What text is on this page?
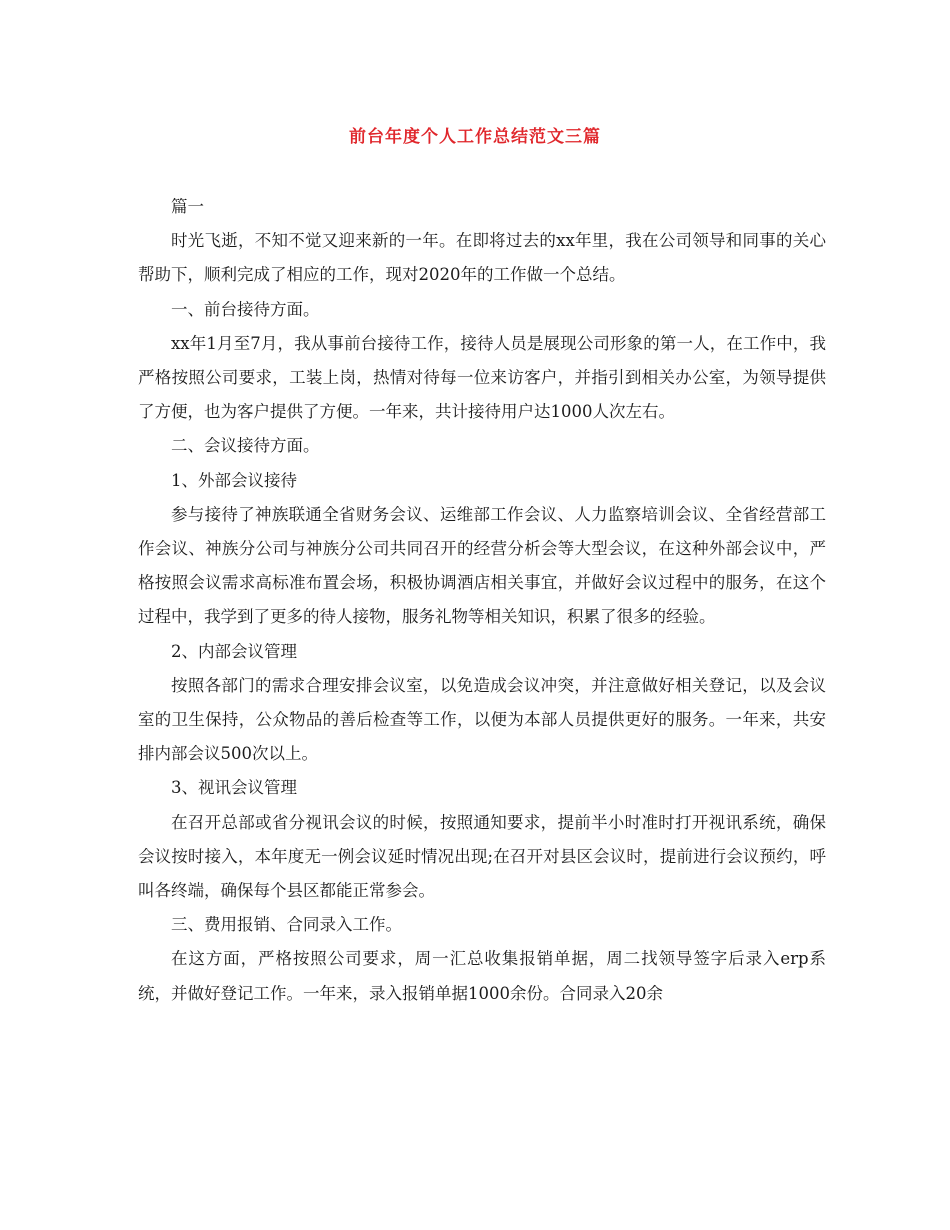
前台年度个人工作总结范文三篇

篇一

时光飞逝，不知不觉又迎来新的一年。在即将过去的xx年里，我在公司领导和同事的关心帮助下，顺利完成了相应的工作，现对2020年的工作做一个总结。

一、前台接待方面。

xx年1月至7月，我从事前台接待工作，接待人员是展现公司形象的第一人，在工作中，我严格按照公司要求，工装上岗，热情对待每一位来访客户，并指引到相关办公室，为领导提供了方便，也为客户提供了方便。一年来，共计接待用户达1000人次左右。

二、会议接待方面。

1、外部会议接待

参与接待了神族联通全省财务会议、运维部工作会议、人力监察培训会议、全省经营部工作会议、神族分公司与神族分公司共同召开的经营分析会等大型会议，在这种外部会议中，严格按照会议需求高标准布置会场，积极协调酒店相关事宜，并做好会议过程中的服务，在这个过程中，我学到了更多的待人接物，服务礼物等相关知识，积累了很多的经验。

2、内部会议管理

按照各部门的需求合理安排会议室，以免造成会议冲突，并注意做好相关登记，以及会议室的卫生保持，公众物品的善后检查等工作，以便为本部人员提供更好的服务。一年来，共安排内部会议500次以上。

3、视讯会议管理

在召开总部或省分视讯会议的时候，按照通知要求，提前半小时准时打开视讯系统，确保会议按时接入，本年度无一例会议延时情况出现;在召开对县区会议时，提前进行会议预约，呼叫各终端，确保每个县区都能正常参会。

三、费用报销、合同录入工作。

在这方面，严格按照公司要求，周一汇总收集报销单据，周二找领导签字后录入erp系统，并做好登记工作。一年来，录入报销单据1000余份。合同录入20余
